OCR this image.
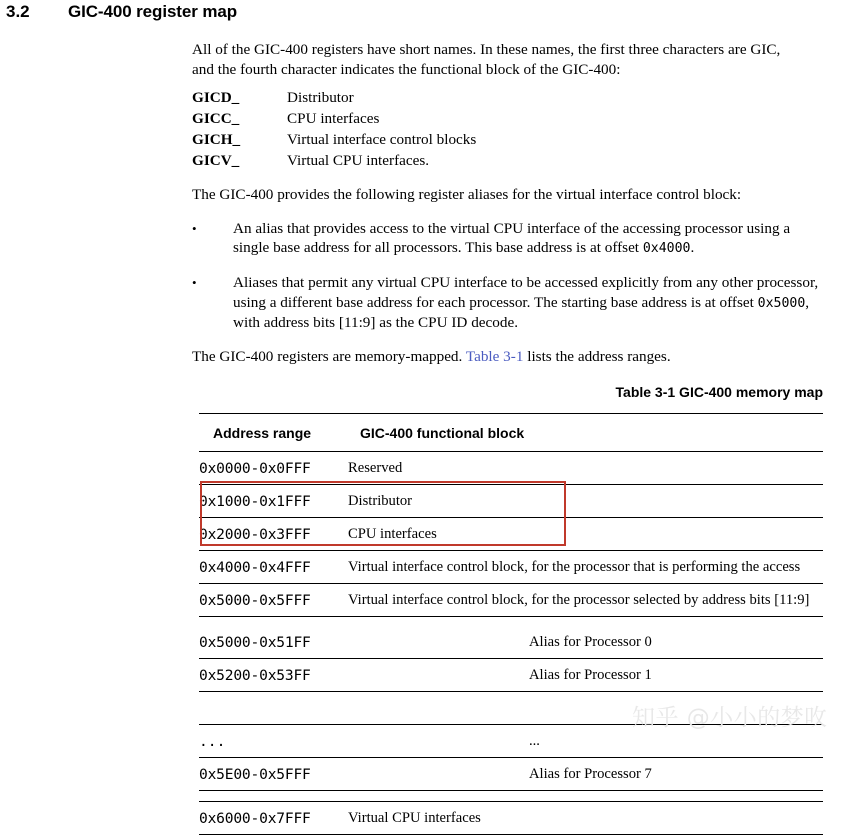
3.2	GIC-400 register map

All of the GIC-400 registers have short names. In these names, the first three characters are GIC,
and the fourth character indicates the functional block of the GIC-400:

GICD_	Distributor
GICC_	CPU interfaces
GICH_	Virtual interface control blocks
GICV_	Virtual CPU interfaces.

The GIC-400 provides the following register aliases for the virtual interface control block:

•	An alias that provides access to the virtual CPU interface of the accessing processor using a single base address for all processors. This base address is at offset 0x4000.
•	Aliases that permit any virtual CPU interface to be accessed explicitly from any other processor, using a different base address for each processor. The starting base address is at offset 0x5000, with address bits [11:9] as the CPU ID decode.

The GIC-400 registers are memory-mapped. Table 3-1 lists the address ranges.

Table 3-1 GIC-400 memory map
Address range	GIC-400 functional block
0x0000-0x0FFF	Reserved
0x1000-0x1FFF	Distributor
0x2000-0x3FFF	CPU interfaces
0x4000-0x4FFF	Virtual interface control block, for the processor that is performing the access
0x5000-0x5FFF	Virtual interface control block, for the processor selected by address bits [11:9]

0x5000-0x51FF	Alias for Processor 0
0x5200-0x53FF	Alias for Processor 1

...	...
0x5E00-0x5FFF	Alias for Processor 7

0x6000-0x7FFF	Virtual CPU interfaces
知乎 @小小的梦呚
